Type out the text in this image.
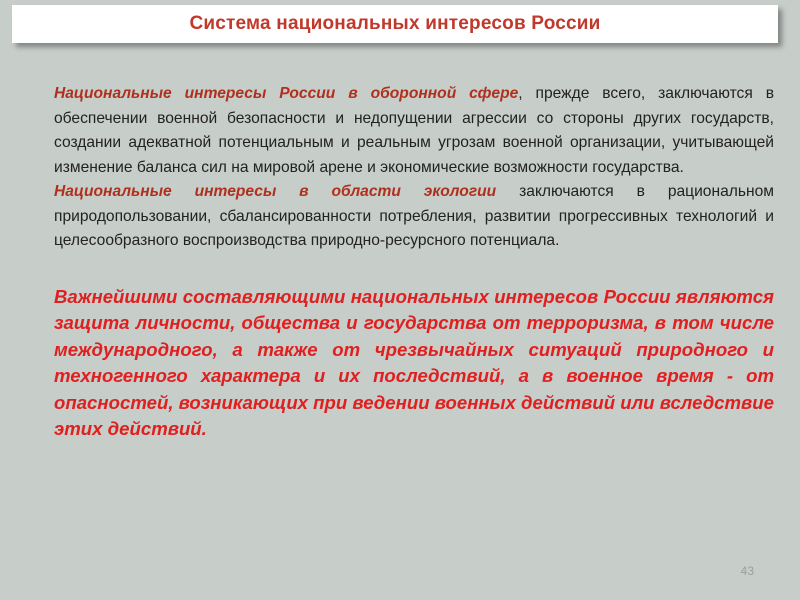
Система национальных интересов России

Национальные интересы России в оборонной сфере, прежде всего, заключаются в обеспечении военной безопасности и недопущении агрессии со стороны других государств, создании адекватной потенциальным и реальным угрозам военной организации, учитывающей изменение баланса сил на мировой арене и экономические возможности государства.

Национальные интересы в области экологии заключаются в рациональном природопользовании, сбалансированности потребления, развитии прогрессивных технологий и целесообразного воспроизводства природно-ресурсного потенциала.

Важнейшими составляющими национальных интересов России являются защита личности, общества и государства от терроризма, в том числе международного, а также от чрезвычайных ситуаций природного и техногенного характера и их последствий, а в военное время - от опасностей, возникающих при ведении военных действий или вследствие этих действий.

43
